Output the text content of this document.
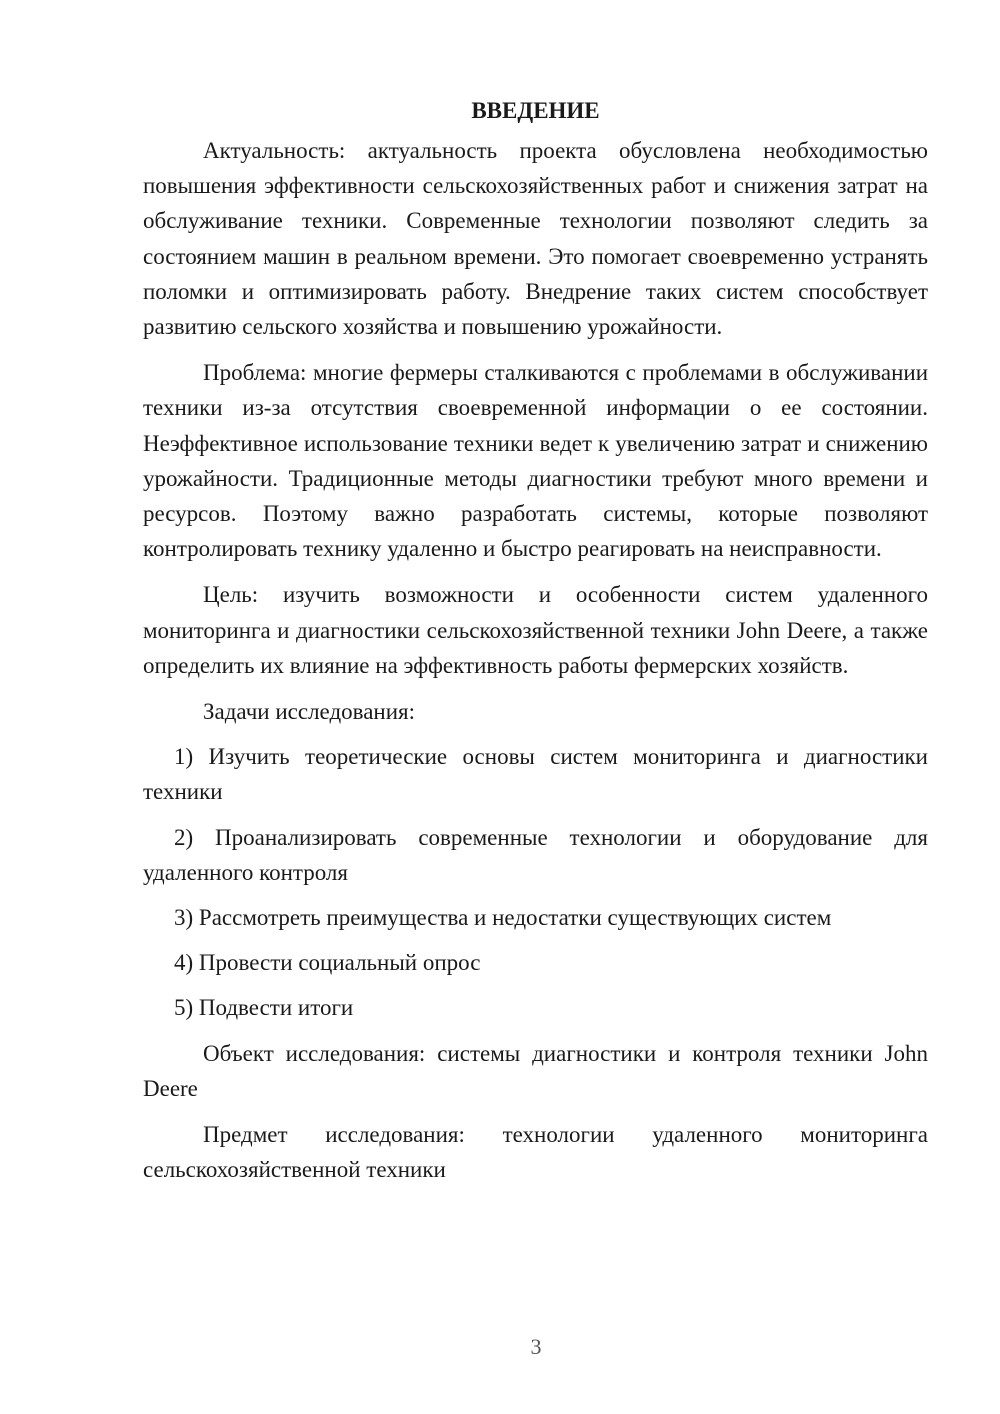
ВВЕДЕНИЕ

Актуальность: актуальность проекта обусловлена необходимостью повышения эффективности сельскохозяйственных работ и снижения затрат на обслуживание техники. Современные технологии позволяют следить за состоянием машин в реальном времени. Это помогает своевременно устранять поломки и оптимизировать работу. Внедрение таких систем способствует развитию сельского хозяйства и повышению урожайности.

Проблема: многие фермеры сталкиваются с проблемами в обслуживании техники из-за отсутствия своевременной информации о ее состоянии. Неэффективное использование техники ведет к увеличению затрат и снижению урожайности. Традиционные методы диагностики требуют много времени и ресурсов. Поэтому важно разработать системы, которые позволяют контролировать технику удаленно и быстро реагировать на неисправности.

Цель: изучить возможности и особенности систем удаленного мониторинга и диагностики сельскохозяйственной техники John Deere, а также определить их влияние на эффективность работы фермерских хозяйств.

Задачи исследования:

1) Изучить теоретические основы систем мониторинга и диагностики техники

2) Проанализировать современные технологии и оборудование для удаленного контроля

3) Рассмотреть преимущества и недостатки существующих систем

4) Провести социальный опрос

5) Подвести итоги

Объект исследования: системы диагностики и контроля техники John Deere

Предмет исследования: технологии удаленного мониторинга сельскохозяйственной техники

3
